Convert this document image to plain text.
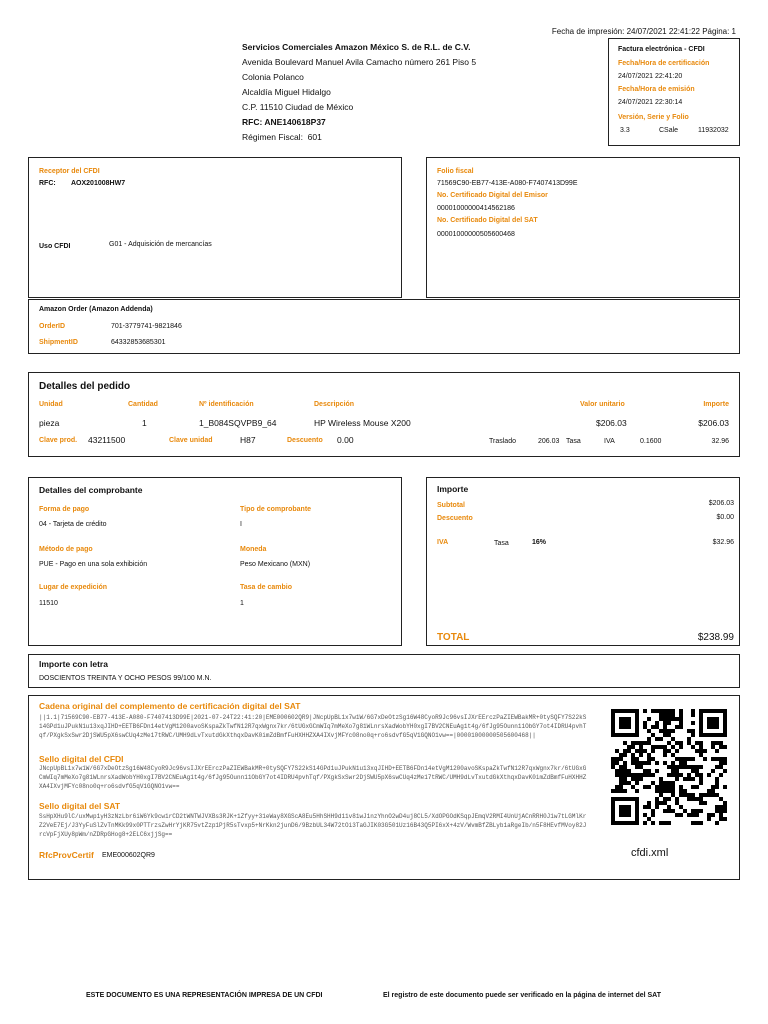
Fecha de impresión: 24/07/2021 22:41:22 Página: 1
Servicios Comerciales Amazon México S. de R.L. de C.V.
Avenida Boulevard Manuel Avila Camacho número 261 Piso 5
Colonia Polanco
Alcaldía Miguel Hidalgo
C.P. 11510 Ciudad de México
RFC: ANE140618P37
Régimen Fiscal: 601
Factura electrónica - CFDI
Fecha/Hora de certificación
24/07/2021 22:41:20
Fecha/Hora de emisión
24/07/2021 22:30:14
Versión, Serie y Folio
3.3	CSale	11932032
Receptor del CFDI
RFC: AOX201008HW7
Uso CFDI	G01 - Adquisición de mercancías
Folio fiscal
71569C90-EB77-413E-A080-F7407413D99E
No. Certificado Digital del Emisor
00001000000414562186
No. Certificado Digital del SAT
00001000000505600468
Amazon Order (Amazon Addenda)
OrderID	701-3779741-9821846
ShipmentID	64332853685301
Detalles del pedido
Unidad	Cantidad	Nº identificación	Descripción	Valor unitario	Importe
pieza	1	1_B084SQVPB9_64	HP Wireless Mouse X200	$206.03	$206.03
Clave prod. 43211500	Clave unidad	H87	Descuento 0.00	Traslado	206.03 Tasa	IVA	0.1600	32.96
Detalles del comprobante
Forma de pago
04 - Tarjeta de crédito
Tipo de comprobante
I
Método de pago
PUE - Pago en una sola exhibición
Moneda
Peso Mexicano (MXN)
Lugar de expedición
11510
Tasa de cambio
1
Importe
Subtotal	$206.03
Descuento	$0.00
IVA	Tasa	16%	$32.96
TOTAL	$238.99
Importe con letra
DOSCIENTOS TREINTA Y OCHO PESOS 99/100 M.N.
Cadena original del complemento de certificación digital del SAT
||1.1|71569C90-EB77-413E-A080-F7407413D99E|2021-07-24T22:41:20|EME000602QR9|JNcpUpBL1x7w1W/6G7xDeOtzSg16W48CyoR9Jc96vsIJXrEErczPaZIEWBakMR+0tySQFY7S22kS14GPd1uJPukN1u13xqJIHD+EETB6FDn14etVgM1200avoSKspaZkTwfN12R7qxWgnx7kr/6tUGxGCmWIq7mMeXo7g81WLnrsXadWobYH0xgI7BV2CNEuAg1t4g/6fJg95Ounn11ObGY7ot4IDRU4pvhTqf/PXgkSxSwr2DjSWU5pX6swCUq4zMe17tRWC/UMH9dLvTxutdGkXthqxDavK0imZdBmfFuHXHHZXA4IXvjMFYc08no0q+ro6sdvfG5qV1GQNO1vw==|00001000000505600468||
Sello digital del CFDI
JNcpUpBL1x7w1W/6G7xDeOtzSg16W48CyoR9Jc96vsIJXrEErczPaZIEWBakMR+0tySQFY7S22kS14GPd1uJPukN1u13xqJIHD+EETB6FDn14etVgM1200avoSKspaZkTwfN12R7qxWgnx7kr/6tUGxGCmWIq7mMeXo7g81WLnrsXadWobYH0xgI7BV2CNEuAg1t4g/6fJg95Ounn11ObGY7ot4IDRU4pvhTqf/PXgkSxSwr2DjSWU5pX6swCUq4zMe17tRWC/UMH9dLvTxutdGkXthqxDavK0imZdBmfFuHXHHZXA4IXvjMFYc08no0q+ro6sdvfG5qV1GQNO1vw==
Sello digital del SAT
SsHpXHu9lC/uxMwp1yH3zNzLbr6iW6Yk9cw1rCD2tWNTWJVXBs3RJK+1Zfyy+31eWay8XGScA8Eu5HhSHH9d11v81wJ1nzYhnO2wD4uj8CL5/XdOPGOdKSqpJEmqV2RMI4UnUjACnRRH0J1w7tLGMlKrZ2VeE7Ej/J3YyFuSlZvTnMKk99x0PTTrzsZwHrYjKR75vtZzp1PjR5sTvxp5+NrKkn2junD6/9BzbUL34W72tOi3TaGJIK03G501Uz16B43Q5PI6xX+4zV/WvmBfZBLyb1aRgeIb/n5F8HEvfMVoy82JrcVpFjXUy8pWm/nZDRpGHog8+2ELC6xjjSg==
RfcProvCertif EME000602QR9	cfdi.xml
ESTE DOCUMENTO ES UNA REPRESENTACIÓN IMPRESA DE UN CFDI	El registro de este documento puede ser verificado en la página de internet del SAT
